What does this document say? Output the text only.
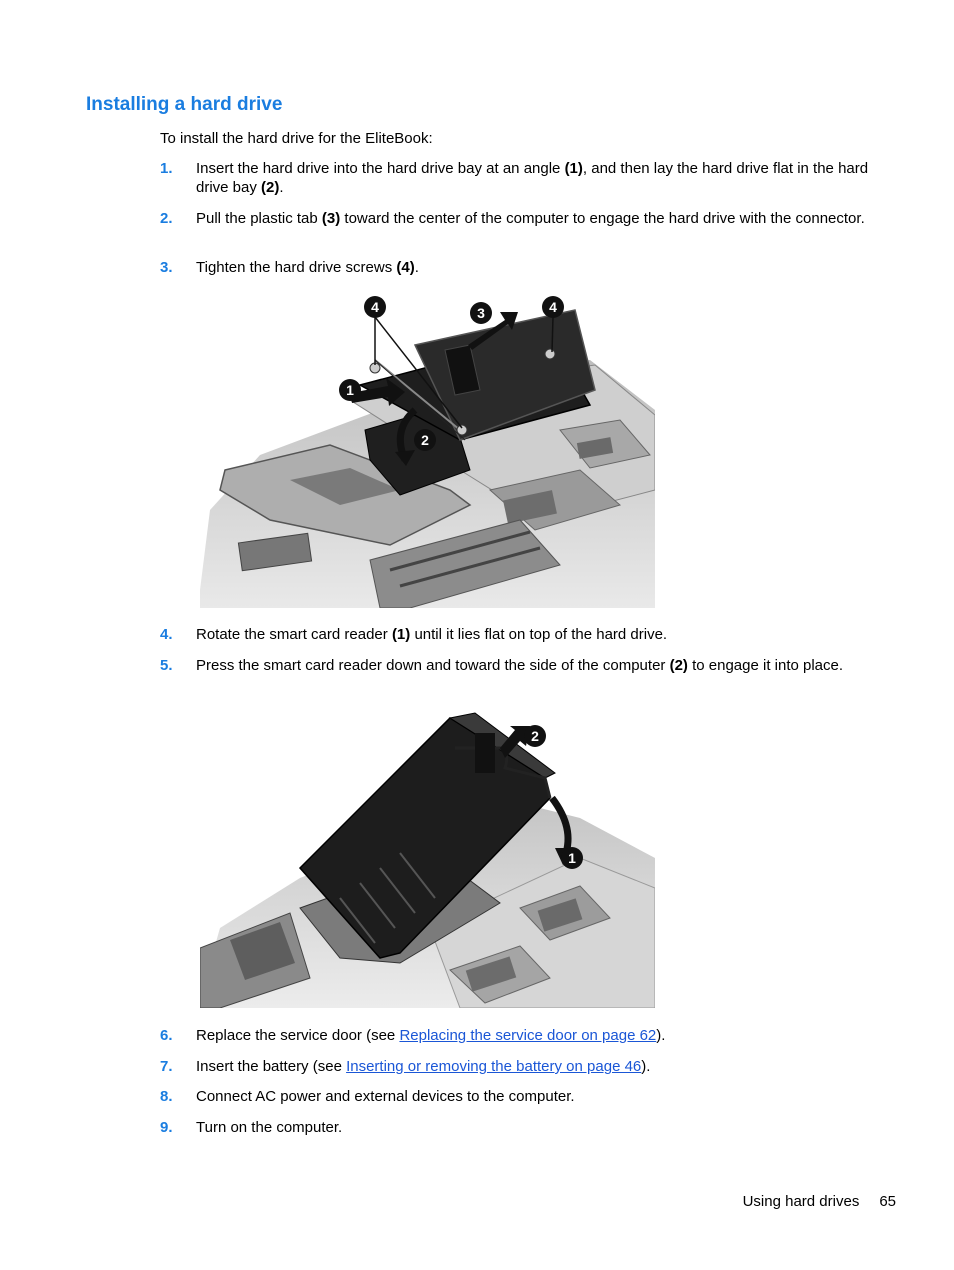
Installing a hard drive
To install the hard drive for the EliteBook:
1.	Insert the hard drive into the hard drive bay at an angle (1), and then lay the hard drive flat in the hard drive bay (2).
2.	Pull the plastic tab (3) toward the center of the computer to engage the hard drive with the connector.
3.	Tighten the hard drive screws (4).
4	3	4
1
2
4.	Rotate the smart card reader (1) until it lies flat on top of the hard drive.
5.	Press the smart card reader down and toward the side of the computer (2) to engage it into place.
2
1
6.	Replace the service door (see Replacing the service door on page 62).
7.	Insert the battery (see Inserting or removing the battery on page 46).
8.	Connect AC power and external devices to the computer.
9.	Turn on the computer.
Using hard drives 65
